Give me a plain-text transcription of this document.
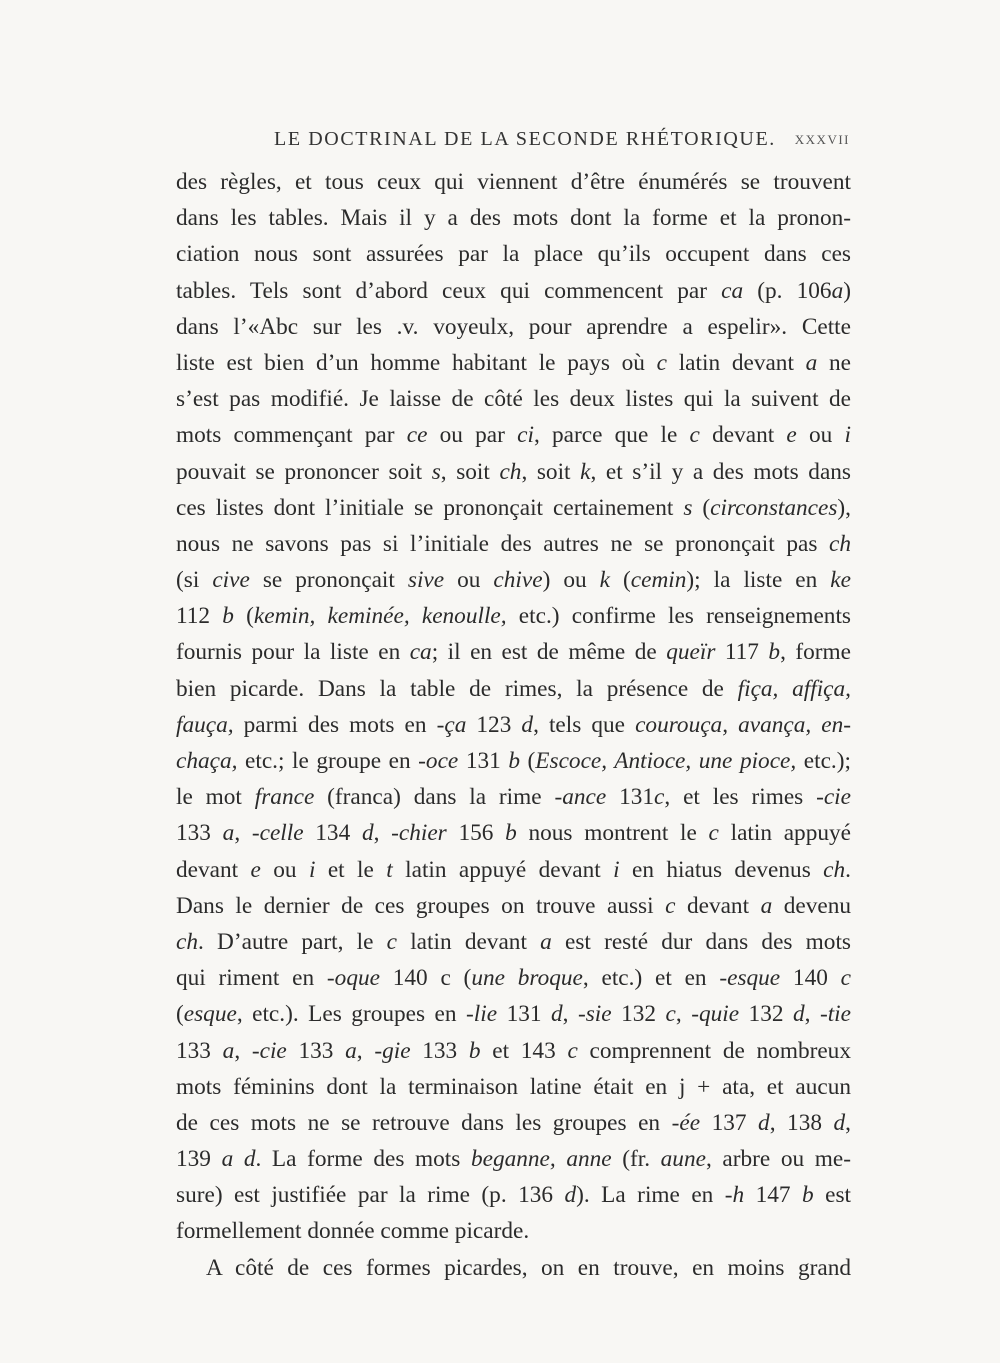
LE DOCTRINAL DE LA SECONDE RHÉTORIQUE. XXXVII
des règles, et tous ceux qui viennent d’être énumérés se trouvent
dans les tables. Mais il y a des mots dont la forme et la pronon-
ciation nous sont assurées par la place qu’ils occupent dans ces
tables. Tels sont d’abord ceux qui commencent par ca (p. 106a)
dans l’«Abc sur les .v. voyeulx, pour aprendre a espelir». Cette
liste est bien d’un homme habitant le pays où c latin devant a ne
s’est pas modifié. Je laisse de côté les deux listes qui la suivent de
mots commençant par ce ou par ci, parce que le c devant e ou i
pouvait se prononcer soit s, soit ch, soit k, et s’il y a des mots dans
ces listes dont l’initiale se prononçait certainement s (circonstances),
nous ne savons pas si l’initiale des autres ne se prononçait pas ch
(si cive se prononçait sive ou chive) ou k (cemin); la liste en ke
112 b (kemin, keminée, kenoulle, etc.) confirme les renseignements
fournis pour la liste en ca; il en est de même de queïr 117 b, forme
bien picarde. Dans la table de rimes, la présence de fiça, affiça,
fauça, parmi des mots en -ça 123 d, tels que courouça, avança, en-
chaça, etc.; le groupe en -oce 131 b (Escoce, Antioce, une pioce, etc.);
le mot france (franca) dans la rime -ance 131c, et les rimes -cie
133 a, -celle 134 d, -chier 156 b nous montrent le c latin appuyé
devant e ou i et le t latin appuyé devant i en hiatus devenus ch.
Dans le dernier de ces groupes on trouve aussi c devant a devenu
ch. D’autre part, le c latin devant a est resté dur dans des mots
qui riment en -oque 140 c (une broque, etc.) et en -esque 140 c
(esque, etc.). Les groupes en -lie 131 d, -sie 132 c, -quie 132 d, -tie
133 a, -cie 133 a, -gie 133 b et 143 c comprennent de nombreux
mots féminins dont la terminaison latine était en j + ata, et aucun
de ces mots ne se retrouve dans les groupes en -ée 137 d, 138 d,
139 a d. La forme des mots beganne, anne (fr. aune, arbre ou me-
sure) est justifiée par la rime (p. 136 d). La rime en -h 147 b est
formellement donnée comme picarde.
A côté de ces formes picardes, on en trouve, en moins grand
